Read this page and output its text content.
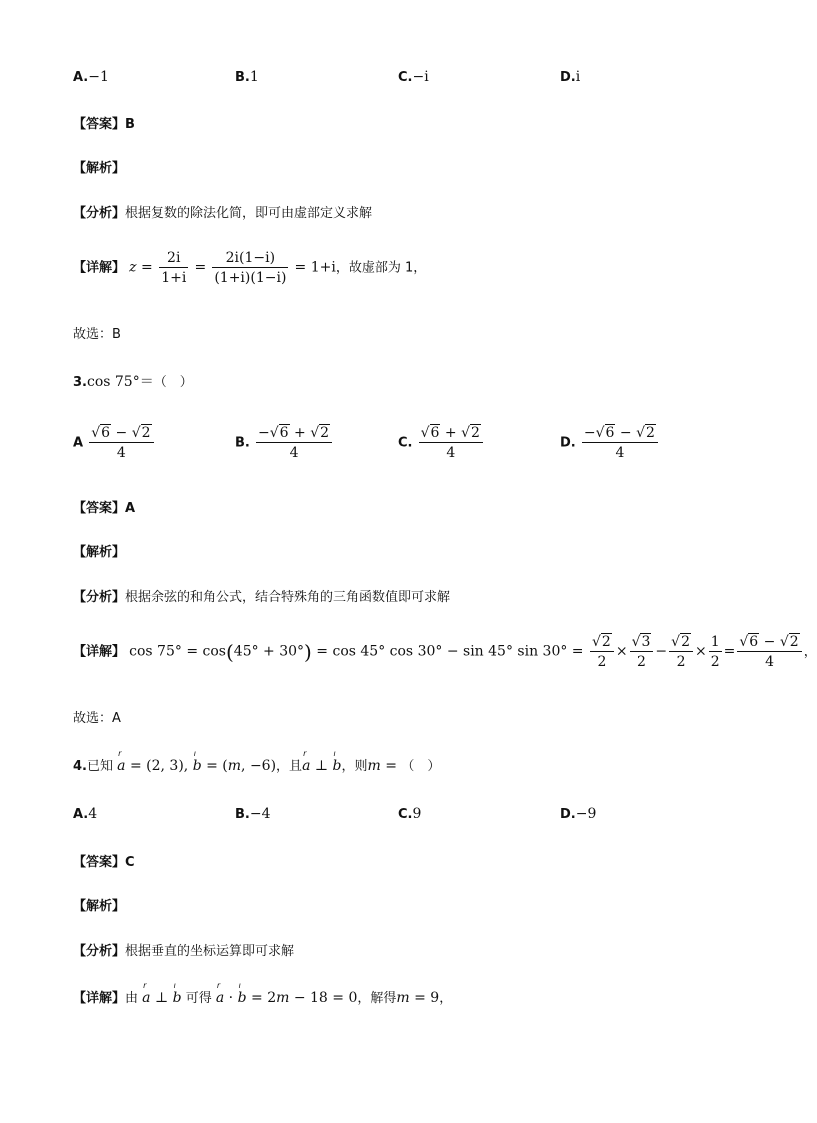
A.−1	B.1	C.−i	D.i
【答案】B
【解析】
【分析】根据复数的除法化简，即可由虚部定义求解
【详解】 $z = \frac{2i}{1+i} = \frac{2i(1-i)}{(1+i)(1-i)} = 1+i$，故虚部为 1，
故选：B
3.cos 75°＝（　）
A $\frac{√6 - √2}{4}$	B. $\frac{-√6 + √2}{4}$	C. $\frac{√6 + √2}{4}$	D. $\frac{-√6 - √2}{4}$
【答案】A
【解析】
【分析】根据余弦的和角公式，结合特殊角的三角函数值即可求解
【详解】 cos 75° = cos(45° + 30°) = cos 45° cos 30° − sin 45° $\sin 30^\circ = \frac{√2}{2} \times \frac{√3}{2} - \frac{√2}{2} \times \frac{1}{2} = \frac{√6 - √2}{4}$ ，
故选：A
4.已知 a
r
= (2, 3), b
ı
= (m, −6)，且a
r
⊥ b
ı
，则m = （　）
A.4	B.−4	C.9	D.−9
【答案】C
【解析】
【分析】根据垂直的坐标运算即可求解
【详解】由 a
r
⊥ b
ı
可得 a
r
· b
ı
= 2m − 18 = 0，解得m = 9，
